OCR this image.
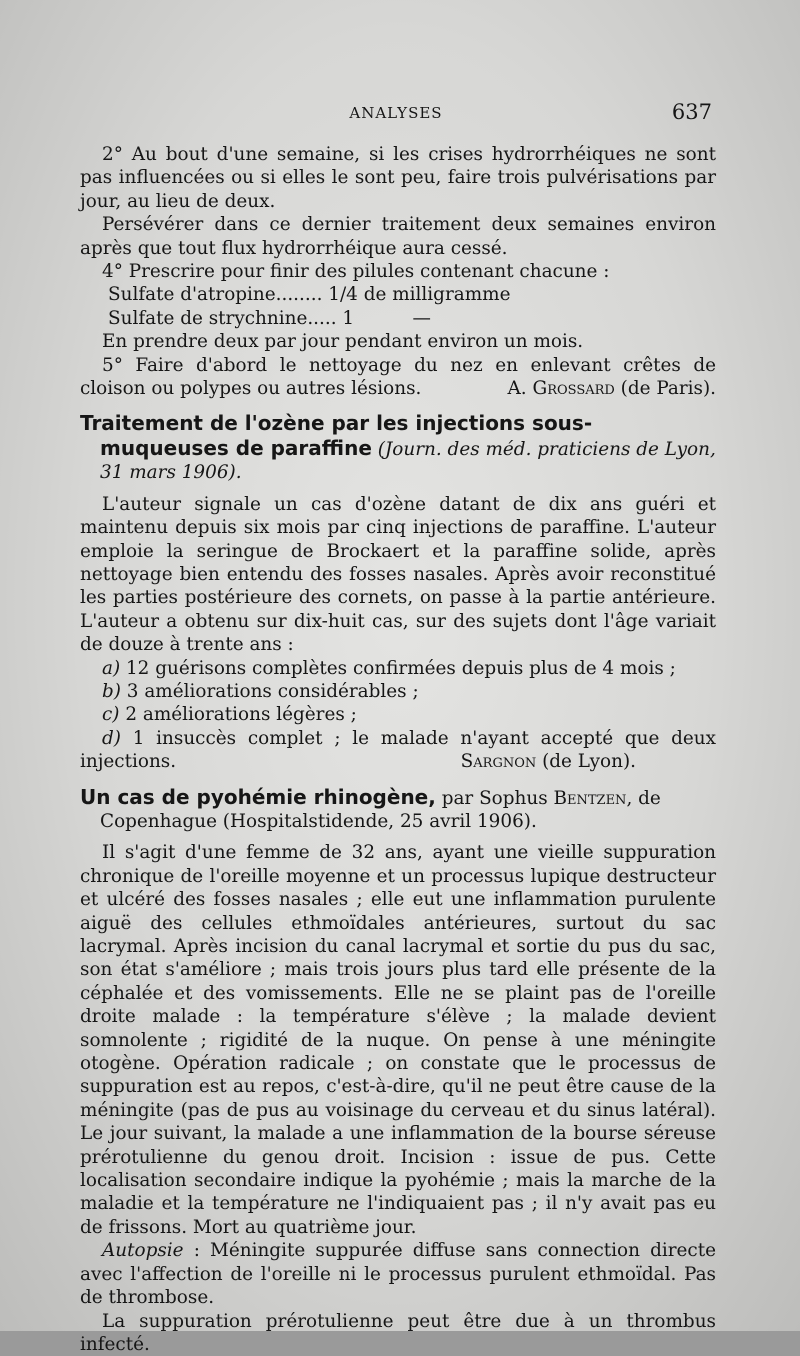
ANALYSES	637

2° Au bout d'une semaine, si les crises hydrorrhéiques ne sont pas influencées ou si elles le sont peu, faire trois pulvérisations par jour, au lieu de deux.

Persévérer dans ce dernier traitement deux semaines environ après que tout flux hydrorrhéique aura cessé.

4° Prescrire pour finir des pilules contenant chacune :

Sulfate d'atropine........ 1/4 de milligramme

Sulfate de strychnine..... 1          —

En prendre deux par jour pendant environ un mois.

5° Faire d'abord le nettoyage du nez en enlevant crêtes de cloison ou polypes ou autres lésions.	A. Grossard (de Paris).

Traitement de l'ozène par les injections sous-muqueuses de paraffine (Journ. des méd. praticiens de Lyon, 31 mars 1906).

L'auteur signale un cas d'ozène datant de dix ans guéri et maintenu depuis six mois par cinq injections de paraffine. L'auteur emploie la seringue de Brockaert et la paraffine solide, après nettoyage bien entendu des fosses nasales. Après avoir reconstitué les parties postérieure des cornets, on passe à la partie antérieure. L'auteur a obtenu sur dix-huit cas, sur des sujets dont l'âge variait de douze à trente ans :

a) 12 guérisons complètes confirmées depuis plus de 4 mois ;

b) 3 améliorations considérables ;

c) 2 améliorations légères ;

d) 1 insuccès complet ; le malade n'ayant accepté que deux injections.	Sargnon (de Lyon).

Un cas de pyohémie rhinogène, par Sophus Bentzen, de Copenhague (Hospitalstidende, 25 avril 1906).

Il s'agit d'une femme de 32 ans, ayant une vieille suppuration chronique de l'oreille moyenne et un processus lupique destructeur et ulcéré des fosses nasales ; elle eut une inflammation purulente aiguë des cellules ethmoïdales antérieures, surtout du sac lacrymal. Après incision du canal lacrymal et sortie du pus du sac, son état s'améliore ; mais trois jours plus tard elle présente de la céphalée et des vomissements. Elle ne se plaint pas de l'oreille droite malade : la température s'élève ; la malade devient somnolente ; rigidité de la nuque. On pense à une méningite otogène. Opération radicale ; on constate que le processus de suppuration est au repos, c'est-à-dire, qu'il ne peut être cause de la méningite (pas de pus au voisinage du cerveau et du sinus latéral). Le jour suivant, la malade a une inflammation de la bourse séreuse prérotulienne du genou droit. Incision : issue de pus. Cette localisation secondaire indique la pyohémie ; mais la marche de la maladie et la température ne l'indiquaient pas ; il n'y avait pas eu de frissons. Mort au quatrième jour.

Autopsie : Méningite suppurée diffuse sans connection directe avec l'affection de l'oreille ni le processus purulent ethmoïdal. Pas de thrombose.

La suppuration prérotulienne peut être due à un thrombus infecté.
